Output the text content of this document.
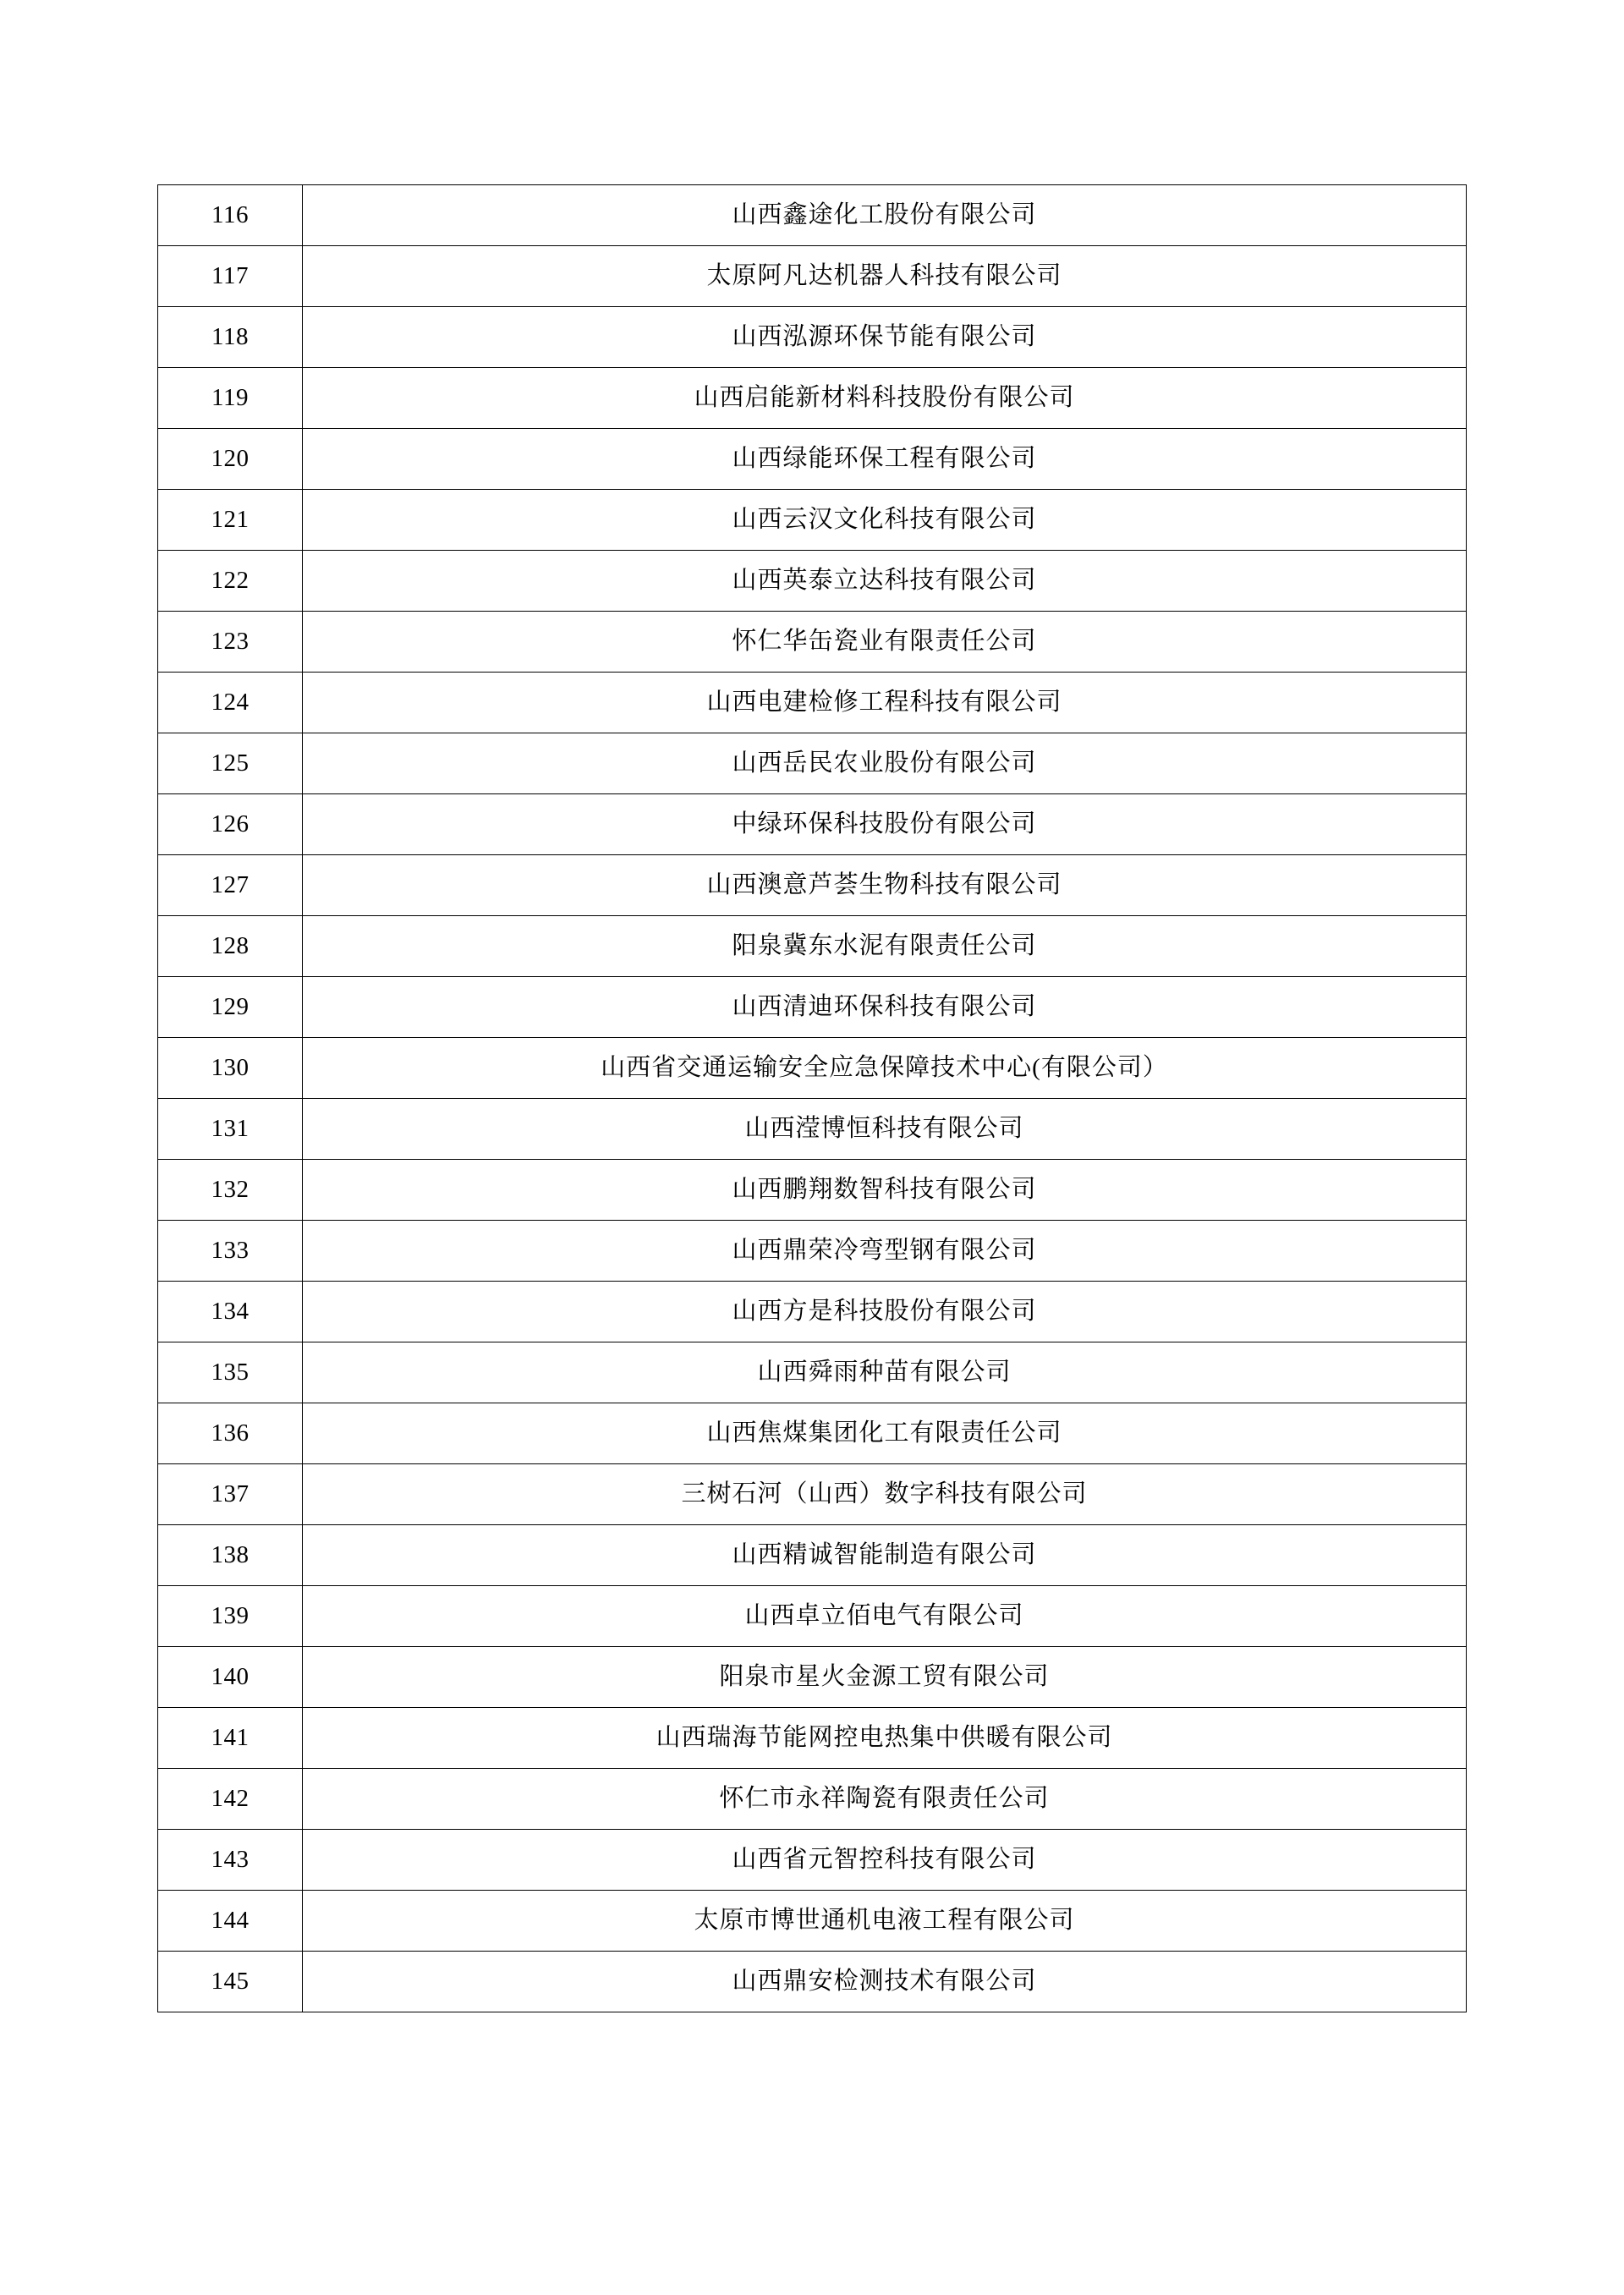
116	山西鑫途化工股份有限公司
117	太原阿凡达机器人科技有限公司
118	山西泓源环保节能有限公司
119	山西启能新材料科技股份有限公司
120	山西绿能环保工程有限公司
121	山西云汉文化科技有限公司
122	山西英泰立达科技有限公司
123	怀仁华缶瓷业有限责任公司
124	山西电建检修工程科技有限公司
125	山西岳民农业股份有限公司
126	中绿环保科技股份有限公司
127	山西澳意芦荟生物科技有限公司
128	阳泉冀东水泥有限责任公司
129	山西清迪环保科技有限公司
130	山西省交通运输安全应急保障技术中心(有限公司）
131	山西滢博恒科技有限公司
132	山西鹏翔数智科技有限公司
133	山西鼎荣冷弯型钢有限公司
134	山西方是科技股份有限公司
135	山西舜雨种苗有限公司
136	山西焦煤集团化工有限责任公司
137	三树石河（山西）数字科技有限公司
138	山西精诚智能制造有限公司
139	山西卓立佰电气有限公司
140	阳泉市星火金源工贸有限公司
141	山西瑞海节能网控电热集中供暖有限公司
142	怀仁市永祥陶瓷有限责任公司
143	山西省元智控科技有限公司
144	太原市博世通机电液工程有限公司
145	山西鼎安检测技术有限公司
